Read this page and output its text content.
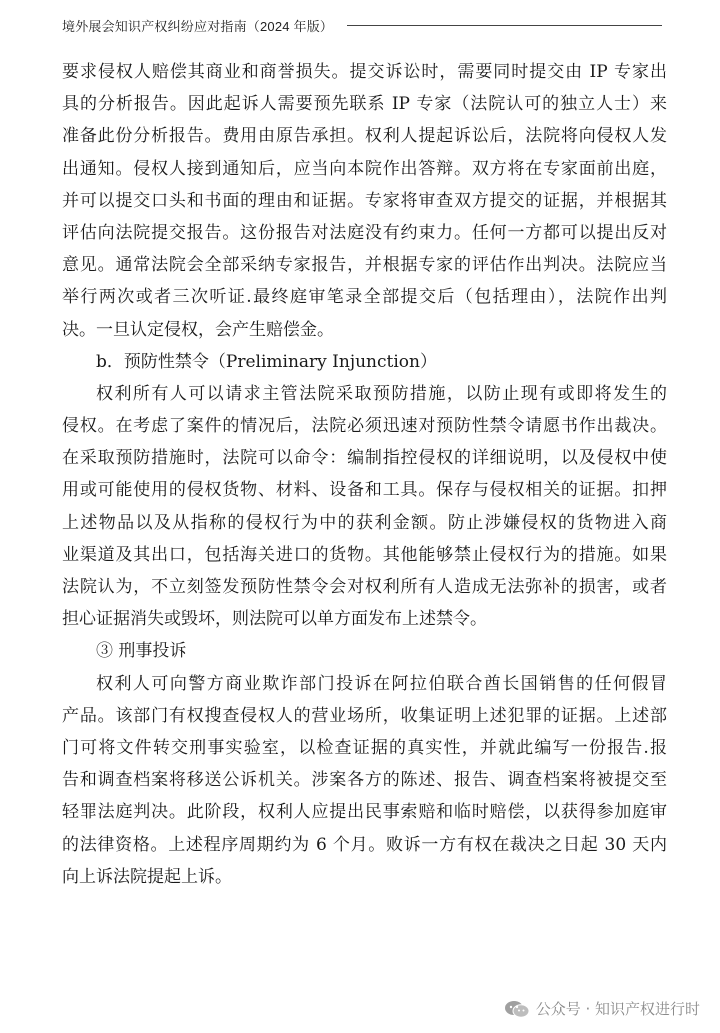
境外展会知识产权纠纷应对指南（2024 年版）
要求侵权人赔偿其商业和商誉损失。提交诉讼时，需要同时提交由 IP 专家出
具的分析报告。因此起诉人需要预先联系 IP 专家（法院认可的独立人士）来
准备此份分析报告。费用由原告承担。权利人提起诉讼后，法院将向侵权人发
出通知。侵权人接到通知后，应当向本院作出答辩。双方将在专家面前出庭，
并可以提交口头和书面的理由和证据。专家将审查双方提交的证据，并根据其
评估向法院提交报告。这份报告对法庭没有约束力。任何一方都可以提出反对
意见。通常法院会全部采纳专家报告，并根据专家的评估作出判决。法院应当
举行两次或者三次听证.最终庭审笔录全部提交后（包括理由），法院作出判
决。一旦认定侵权，会产生赔偿金。
b．预防性禁令（Preliminary Injunction）
权利所有人可以请求主管法院采取预防措施，以防止现有或即将发生的
侵权。在考虑了案件的情况后，法院必须迅速对预防性禁令请愿书作出裁决。
在采取预防措施时，法院可以命令：编制指控侵权的详细说明，以及侵权中使
用或可能使用的侵权货物、材料、设备和工具。保存与侵权相关的证据。扣押
上述物品以及从指称的侵权行为中的获利金额。防止涉嫌侵权的货物进入商
业渠道及其出口，包括海关进口的货物。其他能够禁止侵权行为的措施。如果
法院认为，不立刻签发预防性禁令会对权利所有人造成无法弥补的损害，或者
担心证据消失或毁坏，则法院可以单方面发布上述禁令。
③ 刑事投诉
权利人可向警方商业欺诈部门投诉在阿拉伯联合酋长国销售的任何假冒
产品。该部门有权搜查侵权人的营业场所，收集证明上述犯罪的证据。上述部
门可将文件转交刑事实验室，以检查证据的真实性，并就此编写一份报告.报
告和调查档案将移送公诉机关。涉案各方的陈述、报告、调查档案将被提交至
轻罪法庭判决。此阶段，权利人应提出民事索赔和临时赔偿，以获得参加庭审
的法律资格。上述程序周期约为 6 个月。败诉一方有权在裁决之日起 30 天内
向上诉法院提起上诉。
公众号 · 知识产权进行时
